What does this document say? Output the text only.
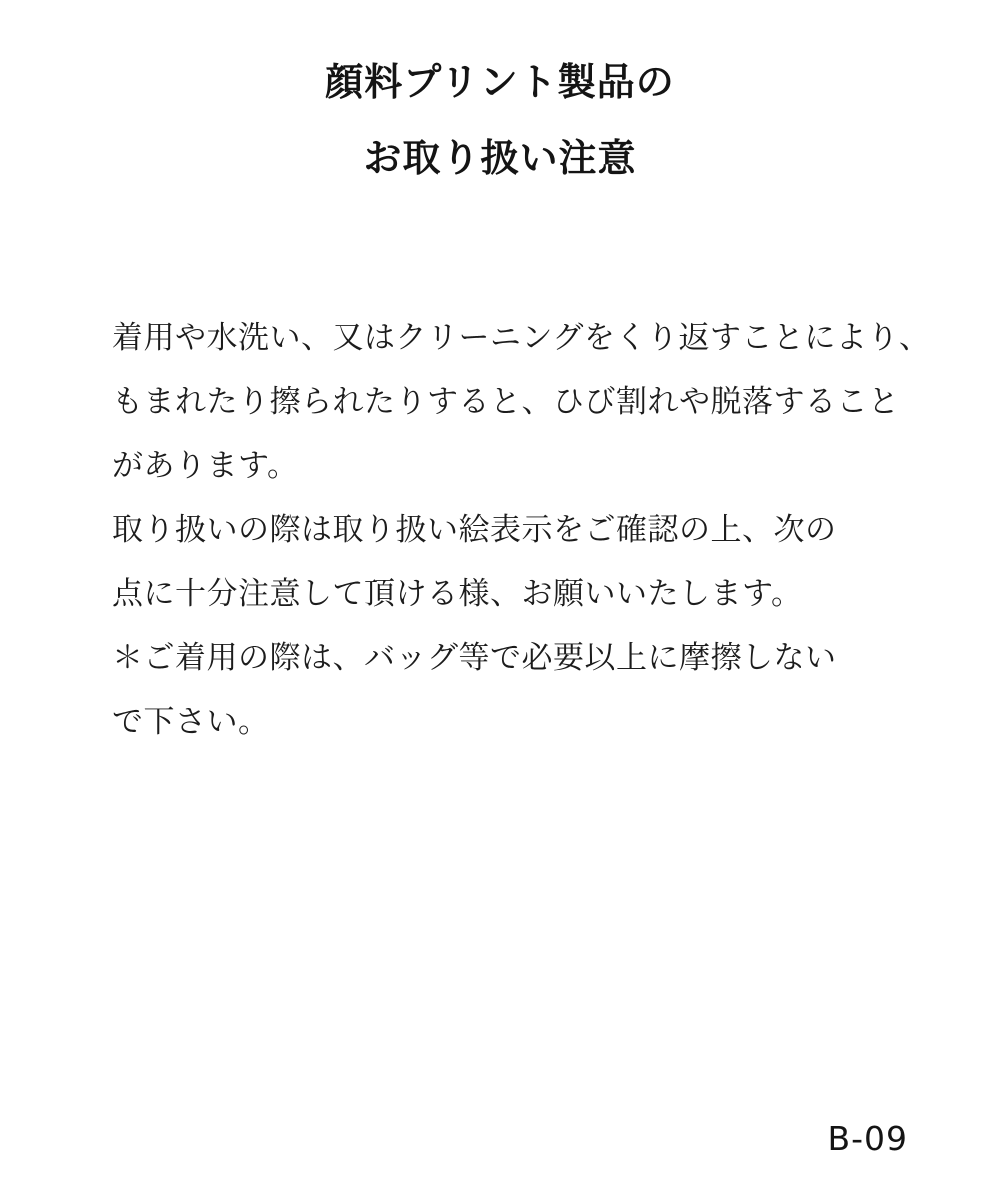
顔料プリント製品の
お取り扱い注意
着用や水洗い、又はクリーニングをくり返すことにより、
もまれたり擦られたりすると、ひび割れや脱落すること
があります。
取り扱いの際は取り扱い絵表示をご確認の上、次の
点に十分注意して頂ける様、お願いいたします。
＊ご着用の際は、バッグ等で必要以上に摩擦しない
で下さい。
B-09
